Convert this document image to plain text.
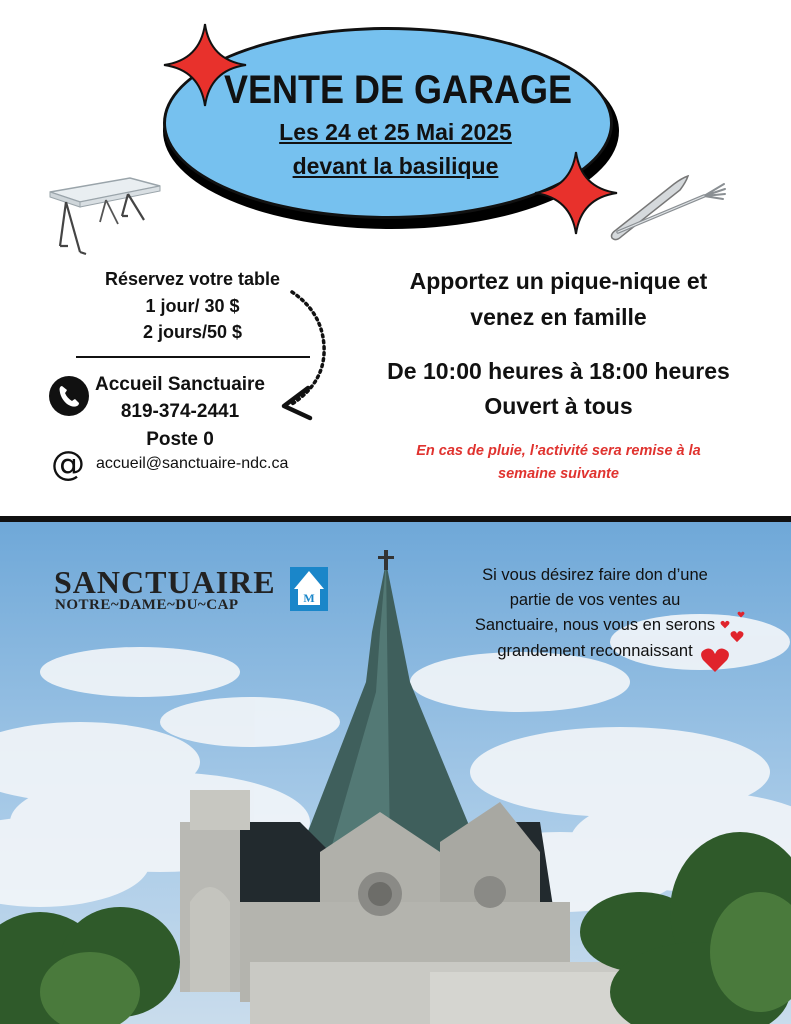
VENTE DE GARAGE
Les 24 et 25 Mai 2025
devant la basilique
Réservez votre table
1 jour/ 30 $
2 jours/50 $
Accueil Sanctuaire
819-374-2441
Poste 0
@ accueil@sanctuaire-ndc.ca
Apportez un pique-nique et
venez en famille
De 10:00 heures à 18:00 heures
Ouvert à tous
En cas de pluie, l’activité sera remise à la
semaine suivante
SANCTUAIRE
NOTRE~DAME~DU~CAP	M
Si vous désirez faire don d’une
partie de vos ventes au
Sanctuaire, nous vous en serons
grandement reconnaissant
